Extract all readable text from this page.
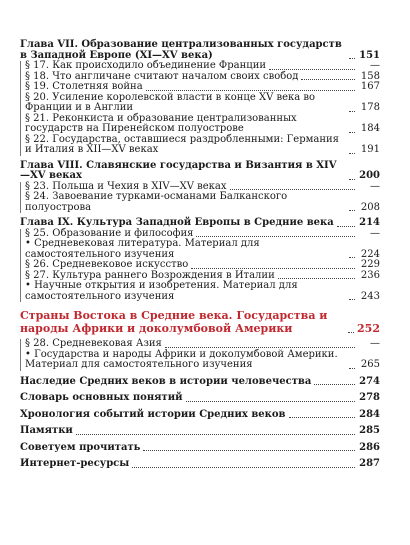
Глава VII. Образование централизованных государств в Западной Европе (XI—XV века)	151
§ 17. Как происходило объединение Франции	—
§ 18. Что англичане считают началом своих свобод	158
§ 19. Столетняя война	167
§ 20. Усиление королевской власти в конце XV века во Франции и в Англии	178
§ 21. Реконкиста и образование централизованных государств на Пиренейском полуострове	184
§ 22. Государства, оставшиеся раздробленными: Германия и Италия в XII—XV веках	191
Глава VIII. Славянские государства и Византия в XIV—XV веках	200
§ 23. Польша и Чехия в XIV—XV веках	—
§ 24. Завоевание турками-османами Балканского полуострова	208
Глава IX. Культура Западной Европы в Средние века	214
§ 25. Образование и философия	—
• Средневековая литература. Материал для самостоятельного изучения	224
§ 26. Средневековое искусство	229
§ 27. Культура раннего Возрождения в Италии	236
• Научные открытия и изобретения. Материал для самостоятельного изучения	243
Страны Востока в Средние века. Государства и народы Африки и доколумбовой Америки	252
§ 28. Средневековая Азия	—
• Государства и народы Африки и доколумбовой Америки. Материал для самостоятельного изучения	265
Наследие Средних веков в истории человечества	274
Словарь основных понятий	278
Хронология событий истории Средних веков	284
Памятки	285
Советуем прочитать	286
Интернет-ресурсы	287
